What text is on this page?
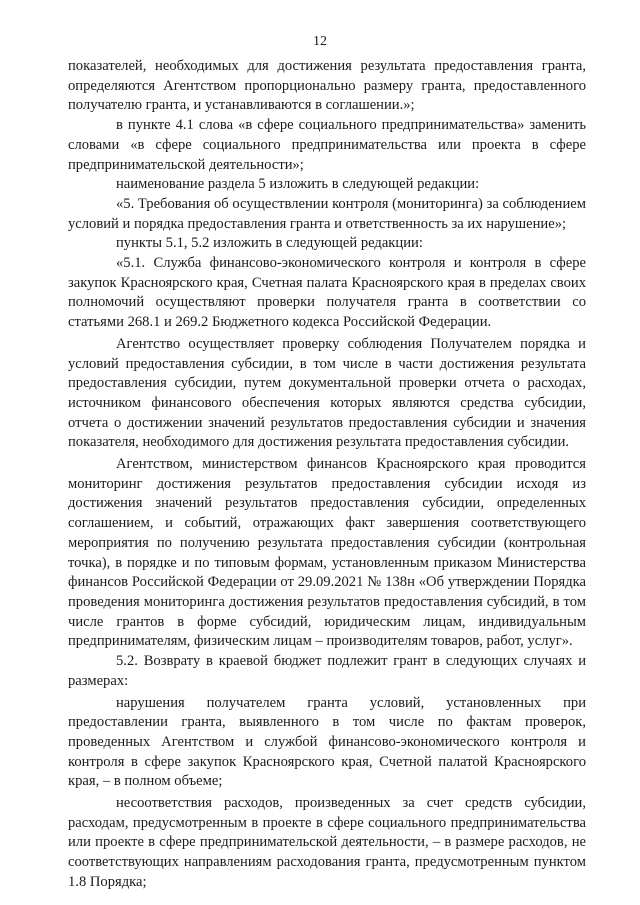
12

показателей, необходимых для достижения результата предоставления гранта, определяются Агентством пропорционально размеру гранта, предоставленного получателю гранта, и устанавливаются в соглашении.»;

в пункте 4.1 слова «в сфере социального предпринимательства» заменить словами «в сфере социального предпринимательства или проекта в сфере предпринимательской деятельности»;

наименование раздела 5 изложить в следующей редакции:

«5. Требования об осуществлении контроля (мониторинга) за соблюдением условий и порядка предоставления гранта и ответственность за их нарушение»;

пункты 5.1, 5.2 изложить в следующей редакции:

«5.1. Служба финансово-экономического контроля и контроля в сфере закупок Красноярского края, Счетная палата Красноярского края в пределах своих полномочий осуществляют проверки получателя гранта в соответствии со статьями 268.1 и 269.2 Бюджетного кодекса Российской Федерации.

Агентство осуществляет проверку соблюдения Получателем порядка и условий предоставления субсидии, в том числе в части достижения результата предоставления субсидии, путем документальной проверки отчета о расходах, источником финансового обеспечения которых являются средства субсидии, отчета о достижении значений результатов предоставления субсидии и значения показателя, необходимого для достижения результата предоставления субсидии.

Агентством, министерством финансов Красноярского края проводится мониторинг достижения результатов предоставления субсидии исходя из достижения значений результатов предоставления субсидии, определенных соглашением, и событий, отражающих факт завершения соответствующего мероприятия по получению результата предоставления субсидии (контрольная точка), в порядке и по типовым формам, установленным приказом Министерства финансов Российской Федерации от 29.09.2021 № 138н «Об утверждении Порядка проведения мониторинга достижения результатов предоставления субсидий, в том числе грантов в форме субсидий, юридическим лицам, индивидуальным предпринимателям, физическим лицам – производителям товаров, работ, услуг».

5.2. Возврату в краевой бюджет подлежит грант в следующих случаях и размерах:

нарушения получателем гранта условий, установленных при предоставлении гранта, выявленного в том числе по фактам проверок, проведенных Агентством и службой финансово-экономического контроля и контроля в сфере закупок Красноярского края, Счетной палатой Красноярского края, – в полном объеме;

несоответствия расходов, произведенных за счет средств субсидии, расходам, предусмотренным в проекте в сфере социального предпринимательства или проекте в сфере предпринимательской деятельности, – в размере расходов, не соответствующих направлениям расходования гранта, предусмотренным пунктом 1.8 Порядка;
